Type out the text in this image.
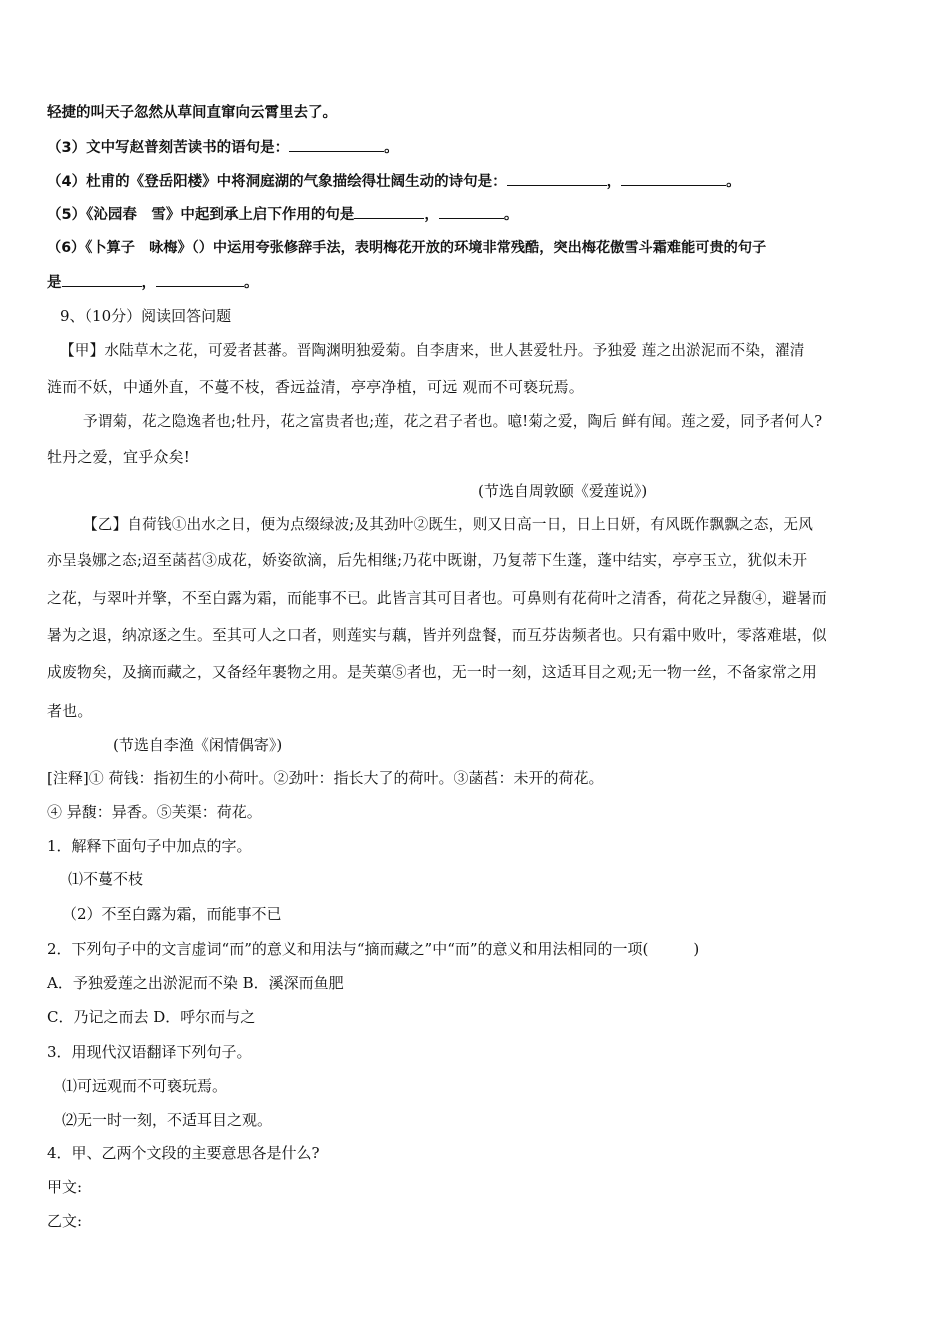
轻捷的叫天子忽然从草间直窜向云霄里去了。
（3）文中写赵普刻苦读书的语句是：	。
（4）杜甫的《登岳阳楼》中将洞庭湖的气象描绘得壮阔生动的诗句是：	，	。
（5）《沁园春　雪》中起到承上启下作用的句是	，	。
（6）《卜算子　咏梅》（）中运用夸张修辞手法，表明梅花开放的环境非常残酷，突出梅花傲雪斗霜难能可贵的句子
是	，	。
9、（10分）阅读回答问题
【甲】水陆草木之花，可爱者甚蕃。晋陶渊明独爱菊。自李唐来，世人甚爱牡丹。予独爱 莲之出淤泥而不染，濯清
涟而不妖，中通外直，不蔓不枝，香远益清，亭亭净植，可远 观而不可亵玩焉。
予谓菊，花之隐逸者也;牡丹，花之富贵者也;莲，花之君子者也。噫!菊之爱，陶后 鲜有闻。莲之爱，同予者何人?
牡丹之爱，宜乎众矣!
(节选自周敦颐《爱莲说》)
【乙】自荷钱①出水之日，便为点缀绿波;及其劲叶②既生，则又日高一日，日上日妍，有风既作飘飘之态，无风
亦呈袅娜之态;迢至菡萏③成花，娇姿欲滴，后先相继;乃花中既谢，乃复蒂下生蓬，蓬中结实，亭亭玉立，犹似未开
之花，与翠叶并擎，不至白露为霜，而能事不已。此皆言其可目者也。可鼻则有花荷叶之清香，荷花之异馥④，避暑而
暑为之退，纳凉逐之生。至其可人之口者，则莲实与藕，皆并列盘餐，而互芬齿频者也。只有霜中败叶，零落难堪，似
成废物矣，及摘而藏之，又备经年裹物之用。是芙蕖⑤者也，无一时一刻，这适耳目之观;无一物一丝，不备家常之用
者也。
(节选自李渔《闲情偶寄》)
[注释]① 荷钱：指初生的小荷叶。②劲叶：指长大了的荷叶。③菡萏：未开的荷花。
④ 异馥：异香。⑤芙渠：荷花。
1．解释下面句子中加点的字。
⑴不蔓不枝
（2）不至白露为霜，而能事不已
2．下列句子中的文言虚词“而”的意义和用法与“摘而藏之”中“而”的意义和用法相同的一项(　　　)
A．予独爱莲之出淤泥而不染 B．溪深而鱼肥
C．乃记之而去 D．呼尔而与之
3．用现代汉语翻译下列句子。
⑴可远观而不可亵玩焉。
⑵无一时一刻，不适耳目之观。
4．甲、乙两个文段的主要意思各是什么?
甲文:
乙文:
